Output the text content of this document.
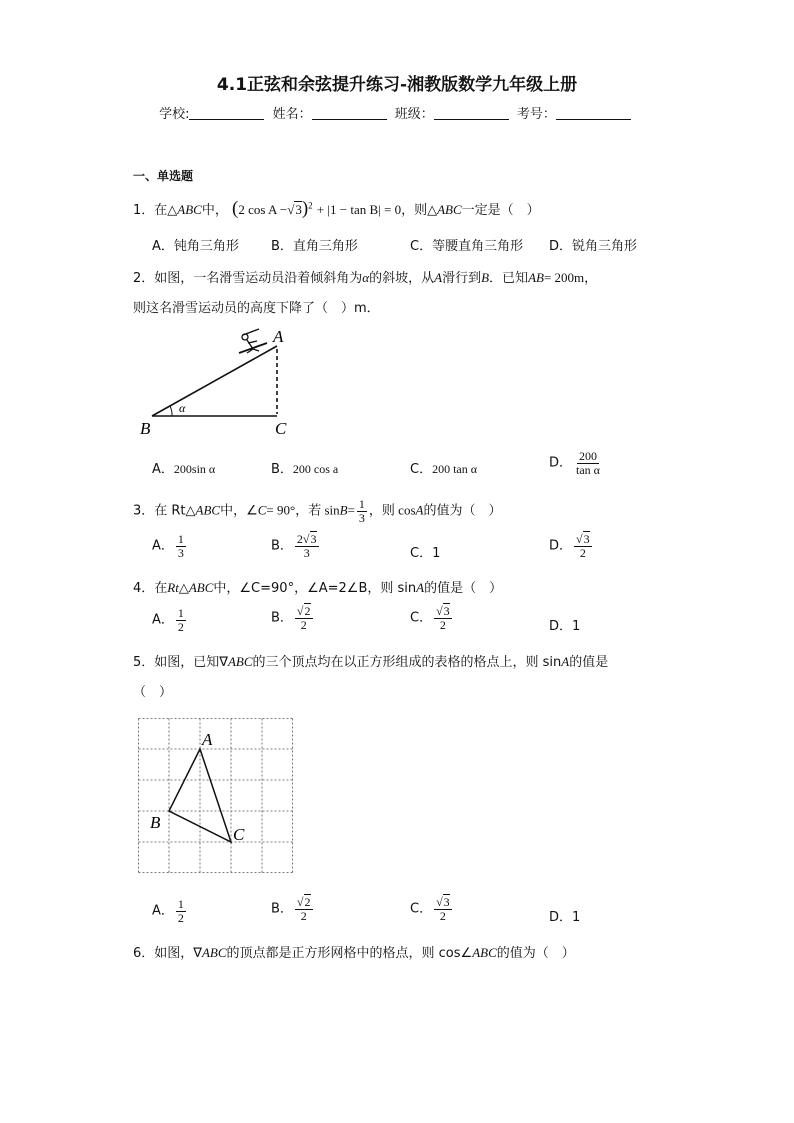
4.1正弦和余弦提升练习-湘教版数学九年级上册
学校:	姓名：	班级：	考号：
一、单选题
1．在△ABC中， (2 cos A −√3)$^2$ + |1 − tan B| = 0，则△ABC一定是（　）
A．钝角三角形 B．直角三角形	C．等腰直角三角形 D．锐角三角形
2．如图，一名滑雪运动员沿着倾斜角为α的斜坡，从A滑行到B．已知AB= 200m，
则这名滑雪运动员的高度下降了（　）m．
A
B	C
α
A．200sin α	B．200 cos a	C．200 tan α	D． $\frac{200}{\text{tan α}}$
3．在 Rt△ABC中，∠C= 90°，若 $\sin B= \frac{1}{3}$ ，则 cosA的值为（　）
A． $\frac{1}{3}$	B． $\frac{2√3}{3}$	C．1	D． $\frac{√3}{2}$
4．在Rt△ABC中，∠C=90°，∠A=2∠B，则 sinA的值是（　）
A． $\frac{1}{2}$	B． $\frac{√2}{2}$	C． $\frac{√3}{2}$	D．1
5．如图，已知∇ABC的三个顶点均在以正方形组成的表格的格点上，则 sinA的值是
（　）
A
B
C
A． $\frac{1}{2}$	B． $\frac{√2}{2}$	C． $\frac{√3}{2}$	D．1
6．如图，∇ABC的顶点都是正方形网格中的格点，则 cos∠ABC的值为（　）
